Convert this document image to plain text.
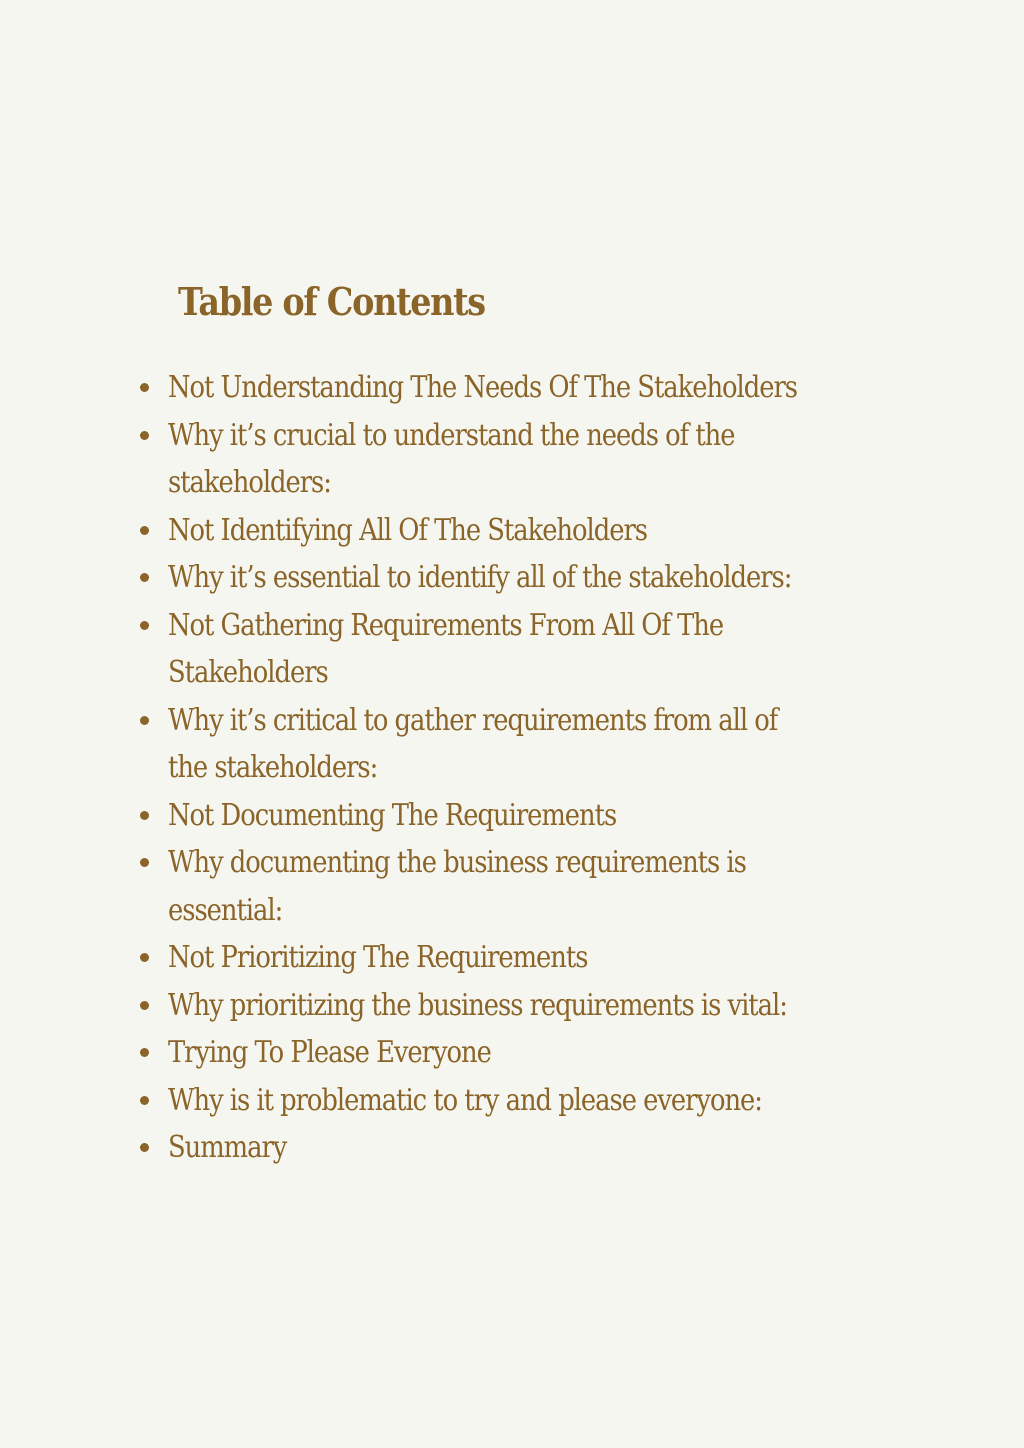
Table of Contents
Not Understanding The Needs Of The Stakeholders
Why it’s crucial to understand the needs of the
stakeholders:
Not Identifying All Of The Stakeholders
Why it’s essential to identify all of the stakeholders:
Not Gathering Requirements From All Of The
Stakeholders
Why it’s critical to gather requirements from all of
the stakeholders:
Not Documenting The Requirements
Why documenting the business requirements is
essential:
Not Prioritizing The Requirements
Why prioritizing the business requirements is vital:
Trying To Please Everyone
Why is it problematic to try and please everyone:
Summary
